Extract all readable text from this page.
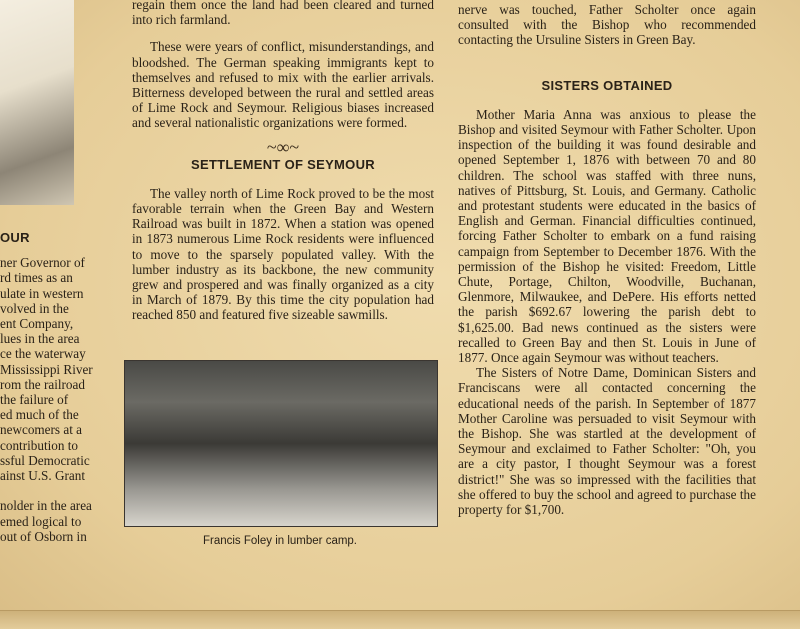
OUR
ner Governor of
rd times as an
ulate in western
volved in the
ent Company,
lues in the area
ce the waterway
Mississippi River
rom the railroad
the failure of
ed much of the
newcomers at a
contribution to
ssful Democratic
ainst U.S. Grant

nolder in the area
emed logical to
out of Osborn in

regain them once the land had been cleared and turned into rich farmland.

These were years of conflict, misunderstandings, and bloodshed. The German speaking immigrants kept to themselves and refused to mix with the earlier arrivals. Bitterness developed between the rural and settled areas of Lime Rock and Seymour. Religious biases increased and several nationalistic organizations were formed.

~∞~
SETTLEMENT OF SEYMOUR

The valley north of Lime Rock proved to be the most favorable terrain when the Green Bay and Western Railroad was built in 1872. When a station was opened in 1873 numerous Lime Rock residents were influenced to move to the sparsely populated valley. With the lumber industry as its backbone, the new community grew and prospered and was finally organized as a city in March of 1879. By this time the city population had reached 850 and featured five sizeable sawmills.

Francis Foley in lumber camp.

nerve was touched, Father Scholter once again consulted with the Bishop who recommended contacting the Ursuline Sisters in Green Bay.

SISTERS OBTAINED

Mother Maria Anna was anxious to please the Bishop and visited Seymour with Father Scholter. Upon inspection of the building it was found desirable and opened September 1, 1876 with between 70 and 80 children. The school was staffed with three nuns, natives of Pittsburg, St. Louis, and Germany. Catholic and protestant students were educated in the basics of English and German. Financial difficulties continued, forcing Father Scholter to embark on a fund raising campaign from September to December 1876. With the permission of the Bishop he visited: Freedom, Little Chute, Portage, Chilton, Woodville, Buchanan, Glenmore, Milwaukee, and DePere. His efforts netted the parish $692.67 lowering the parish debt to $1,625.00. Bad news continued as the sisters were recalled to Green Bay and then St. Louis in June of 1877. Once again Seymour was without teachers.

The Sisters of Notre Dame, Dominican Sisters and Franciscans were all contacted concerning the educational needs of the parish. In September of 1877 Mother Caroline was persuaded to visit Seymour with the Bishop. She was startled at the development of Seymour and exclaimed to Father Scholter: "Oh, you are a city pastor, I thought Seymour was a forest district!" She was so impressed with the facilities that she offered to buy the school and agreed to purchase the property for $1,700.
